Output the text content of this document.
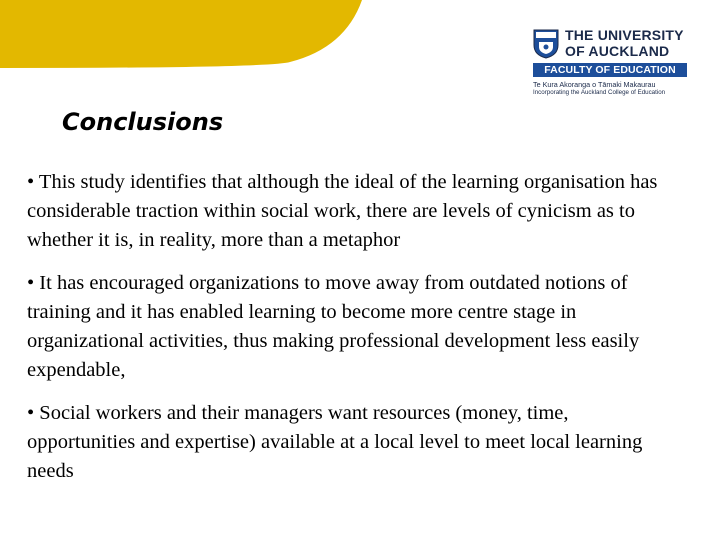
THE UNIVERSITY
OF AUCKLAND
FACULTY OF EDUCATION
Te Kura Akoranga o Tāmaki Makaurau
Incorporating the Auckland College of Education
Conclusions

• This study identifies that although the ideal of the learning organisation has considerable traction within social work, there are levels of cynicism as to whether it is, in reality, more than a metaphor

• It has encouraged organizations to move away from outdated notions of training and it has enabled learning to become more centre stage in organizational activities, thus making professional development less easily expendable,

• Social workers and their managers want resources (money, time, opportunities and expertise) available at a local level to meet local learning needs
